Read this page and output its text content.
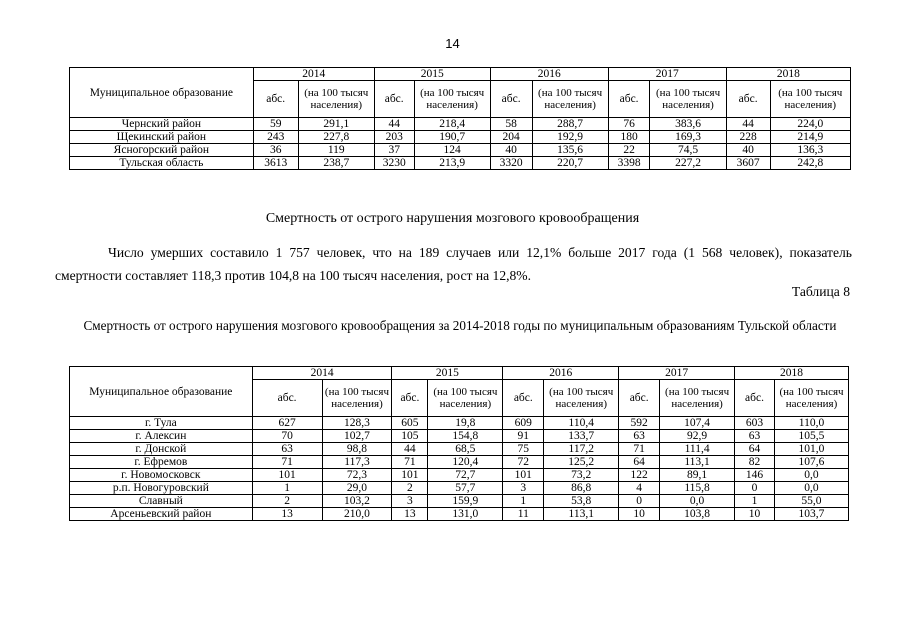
14
Муниципальное образование	2014		2015		2016		2017		2018	
	абс.	(на 100 тысяч населения)	абс.	(на 100 тысяч населения)	абс.	(на 100 тысяч населения)	абс.	(на 100 тысяч населения)	абс.	(на 100 тысяч населения)
Чернский район	59	291,1	44	218,4	58	288,7	76	383,6	44	224,0
Щекинский район	243	227,8	203	190,7	204	192,9	180	169,3	228	214,9
Ясногорский район	36	119	37	124	40	135,6	22	74,5	40	136,3
Тульская область	3613	238,7	3230	213,9	3320	220,7	3398	227,2	3607	242,8
Смертность от острого нарушения мозгового кровообращения
Число умерших составило 1 757 человек, что на 189 случаев или 12,1% больше 2017 года (1 568 человек), показатель смертности составляет 118,3 против 104,8 на 100 тысяч населения, рост на 12,8%.
Таблица 8
Смертность от острого нарушения мозгового кровообращения за 2014-2018 годы по муниципальным образованиям Тульской области
Муниципальное образование	2014		2015		2016		2017		2018	
	абс.	(на 100 тысяч населения)	абс.	(на 100 тысяч населения)	абс.	(на 100 тысяч населения)	абс.	(на 100 тысяч населения)	абс.	(на 100 тысяч населения)
г. Тула	627	128,3	605	19,8	609	110,4	592	107,4	603	110,0
г. Алексин	70	102,7	105	154,8	91	133,7	63	92,9	63	105,5
г. Донской	63	98,8	44	68,5	75	117,2	71	111,4	64	101,0
г. Ефремов	71	117,3	71	120,4	72	125,2	64	113,1	82	107,6
г. Новомосковск	101	72,3	101	72,7	101	73,2	122	89,1	146	0,0
р.п. Новогуровский	1	29,0	2	57,7	3	86,8	4	115,8	0	0,0
Славный	2	103,2	3	159,9	1	53,8	0	0,0	1	55,0
Арсеньевский район	13	210,0	13	131,0	11	113,1	10	103,8	10	103,7
